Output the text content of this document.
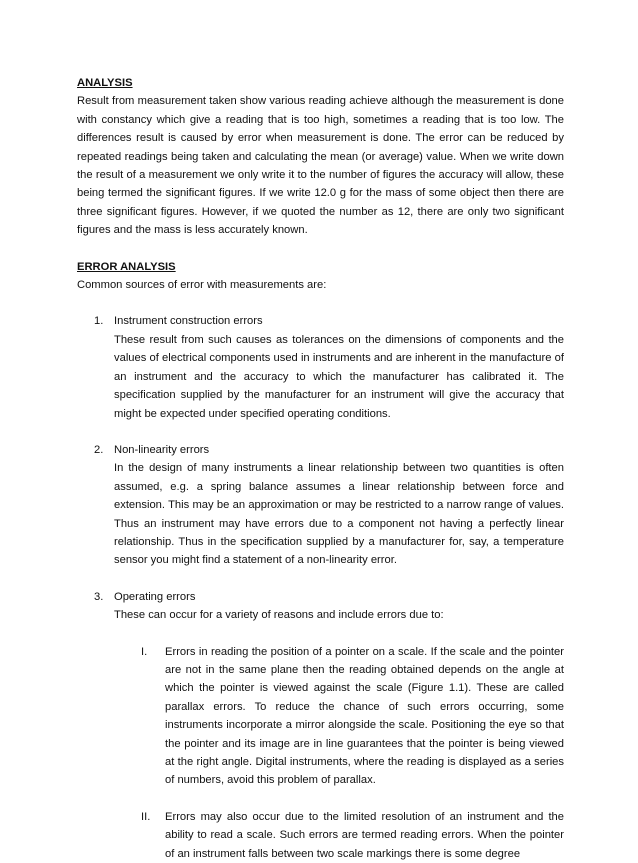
ANALYSIS
Result from measurement taken show various reading achieve although the measurement is done with constancy which give a reading that is too high, sometimes a reading that is too low. The differences result is caused by error when measurement is done. The error can be reduced by repeated readings being taken and calculating the mean (or average) value. When we write down the result of a measurement we only write it to the number of figures the accuracy will allow, these being termed the significant figures. If we write 12.0 g for the mass of some object then there are three significant figures. However, if we quoted the number as 12, there are only two significant figures and the mass is less accurately known.
ERROR ANALYSIS
Common sources of error with measurements are:
1. Instrument construction errors
These result from such causes as tolerances on the dimensions of components and the values of electrical components used in instruments and are inherent in the manufacture of an instrument and the accuracy to which the manufacturer has calibrated it. The specification supplied by the manufacturer for an instrument will give the accuracy that might be expected under specified operating conditions.
2. Non-linearity errors
In the design of many instruments a linear relationship between two quantities is often assumed, e.g. a spring balance assumes a linear relationship between force and extension. This may be an approximation or may be restricted to a narrow range of values. Thus an instrument may have errors due to a component not having a perfectly linear relationship. Thus in the specification supplied by a manufacturer for, say, a temperature sensor you might find a statement of a non-linearity error.
3. Operating errors
These can occur for a variety of reasons and include errors due to:
I.	Errors in reading the position of a pointer on a scale. If the scale and the pointer are not in the same plane then the reading obtained depends on the angle at which the pointer is viewed against the scale (Figure 1.1). These are called parallax errors. To reduce the chance of such errors occurring, some instruments incorporate a mirror alongside the scale. Positioning the eye so that the pointer and its image are in line guarantees that the pointer is being viewed at the right angle. Digital instruments, where the reading is displayed as a series of numbers, avoid this problem of parallax.
II.	Errors may also occur due to the limited resolution of an instrument and the ability to read a scale. Such errors are termed reading errors. When the pointer of an instrument falls between two scale markings there is some degree
